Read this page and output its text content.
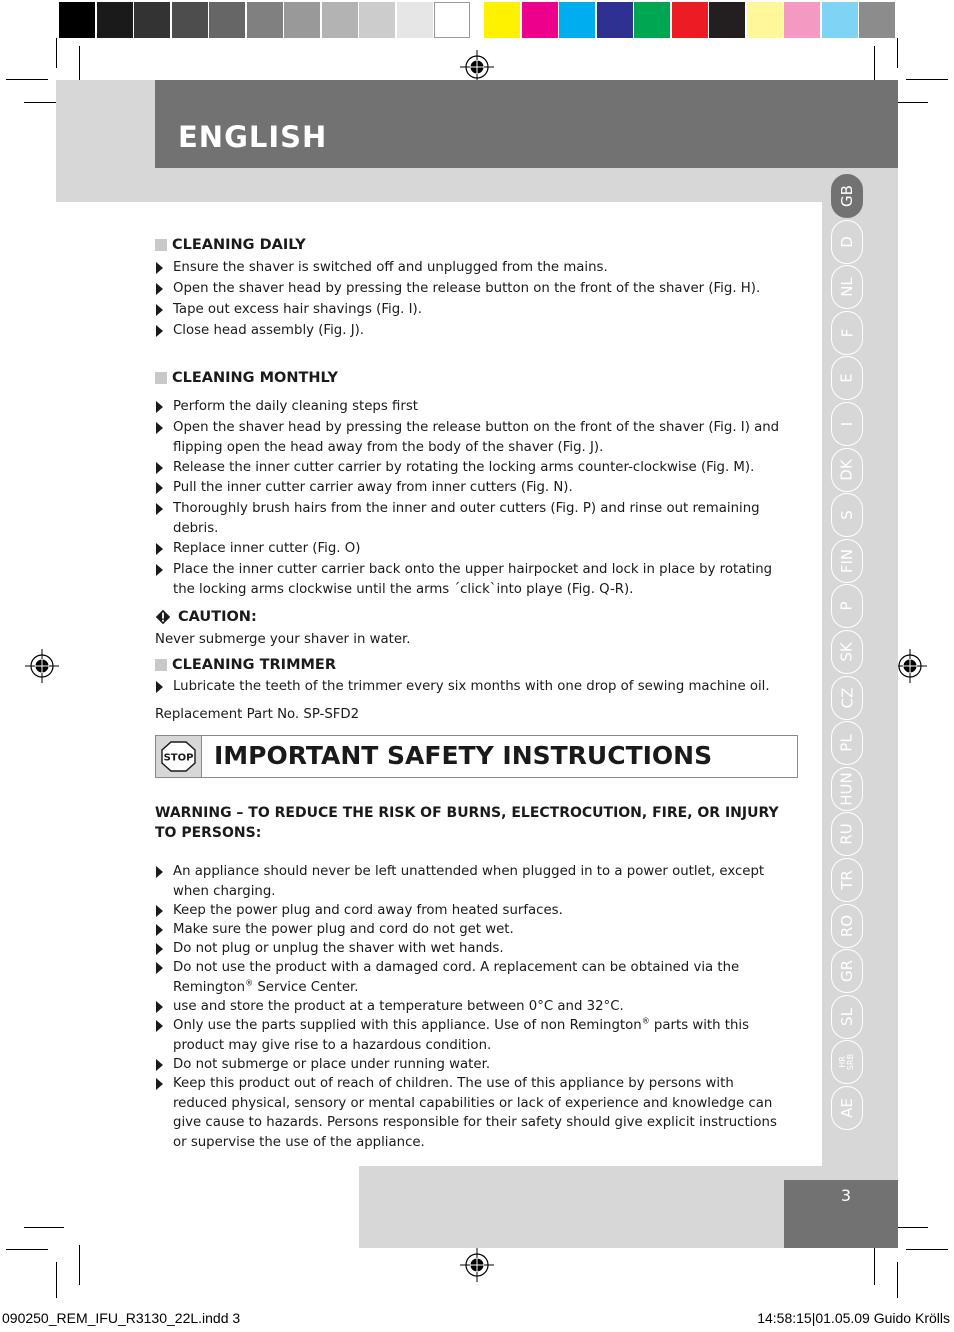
ENGLISH
GB
D
NL
F
E
I
DK
S
FIN
P
SK
CZ
PL
HUN
RU
TR
RO
GR
SL
HR SRB
AE
CLEANING DAILY
Ensure the shaver is switched off and unplugged from the mains.
Open the shaver head by pressing the release button on the front of the shaver (Fig. H).
Tape out excess hair shavings (Fig. I).
Close head assembly (Fig. J).
CLEANING MONTHLY
Perform the daily cleaning steps first
Open the shaver head by pressing the release button on the front of the shaver (Fig. I) and flipping open the head away from the body of the shaver (Fig. J).
Release the inner cutter carrier by rotating the locking arms counter-clockwise (Fig. M).
Pull the inner cutter carrier away from inner cutters (Fig. N).
Thoroughly brush hairs from the inner and outer cutters (Fig. P) and rinse out remaining debris.
Replace inner cutter (Fig. O)
Place the inner cutter carrier back onto the upper hairpocket and lock in place by rotating the locking arms clockwise until the arms ´click`into playe (Fig. Q-R).
CAUTION:
Never submerge your shaver in water.
CLEANING TRIMMER
Lubricate the teeth of the trimmer every six months with one drop of sewing machine oil.
Replacement Part No. SP-SFD2
STOP IMPORTANT SAFETY INSTRUCTIONS
WARNING – TO REDUCE THE RISK OF BURNS, ELECTROCUTION, FIRE, OR INJURY TO PERSONS:
An appliance should never be left unattended when plugged in to a power outlet, except when charging.
Keep the power plug and cord away from heated surfaces.
Make sure the power plug and cord do not get wet.
Do not plug or unplug the shaver with wet hands.
Do not use the product with a damaged cord. A replacement can be obtained via the Remington® Service Center.
use and store the product at a temperature between 0°C and 32°C.
Only use the parts supplied with this appliance. Use of non Remington® parts with this product may give rise to a hazardous condition.
Do not submerge or place under running water.
Keep this product out of reach of children. The use of this appliance by persons with reduced physical, sensory or mental capabilities or lack of experience and knowledge can give cause to hazards. Persons responsible for their safety should give explicit instructions or supervise the use of the appliance.
3
090250_REM_IFU_R3130_22L.indd 3	14:58:15|01.05.09 Guido Krölls
